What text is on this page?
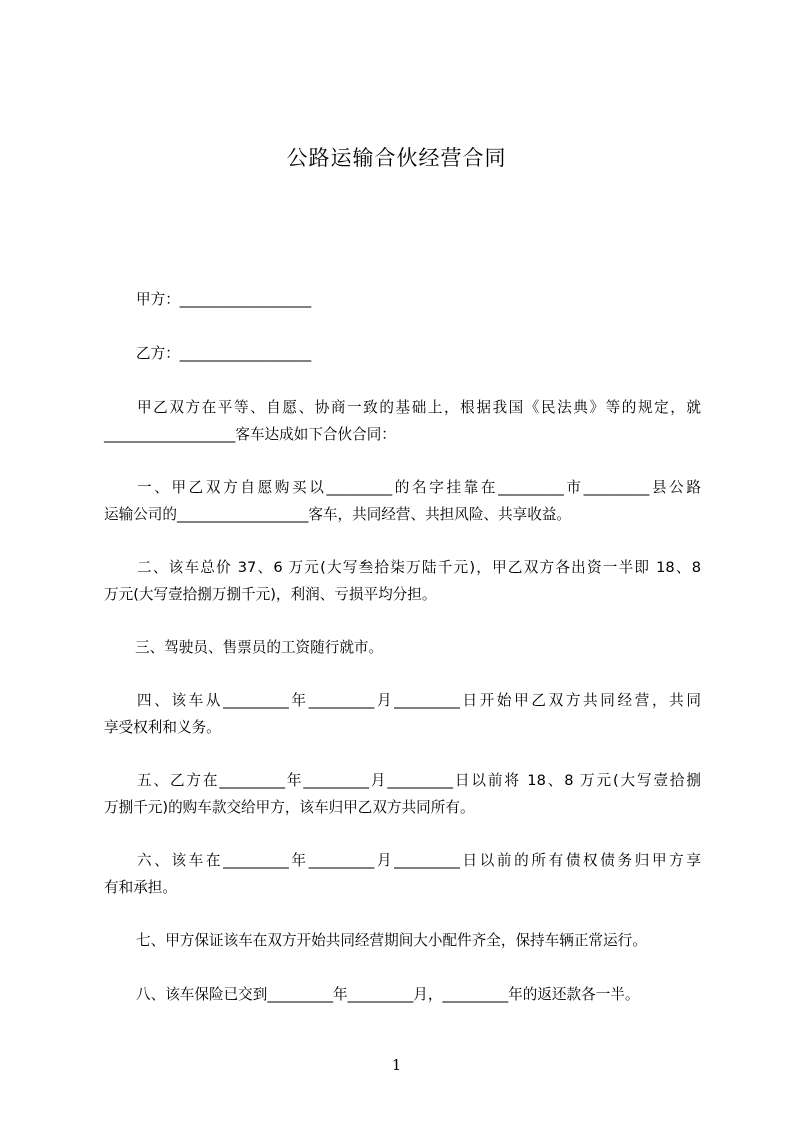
公路运输合伙经营合同

甲方：__________________

乙方：__________________

甲乙双方在平等、自愿、协商一致的基础上，根据我国《民法典》等的规定，就

__________________客车达成如下合伙合同：

一、甲乙双方自愿购买以_________的名字挂靠在_________市_________县公路

运输公司的__________________客车，共同经营、共担风险、共享收益。

二、该车总价 37、6 万元(大写叁拾柒万陆千元)，甲乙双方各出资一半即 18、8

万元(大写壹拾捌万捌千元)，利润、亏损平均分担。

三、驾驶员、售票员的工资随行就市。

四、该车从_________年_________月_________日开始甲乙双方共同经营，共同

享受权利和义务。

五、乙方在_________年_________月_________日以前将 18、8 万元(大写壹拾捌

万捌千元)的购车款交给甲方，该车归甲乙双方共同所有。

六、该车在_________年_________月_________日以前的所有债权债务归甲方享

有和承担。

七、甲方保证该车在双方开始共同经营期间大小配件齐全，保持车辆正常运行。

八、该车保险已交到_________年_________月，_________年的返还款各一半。

1
